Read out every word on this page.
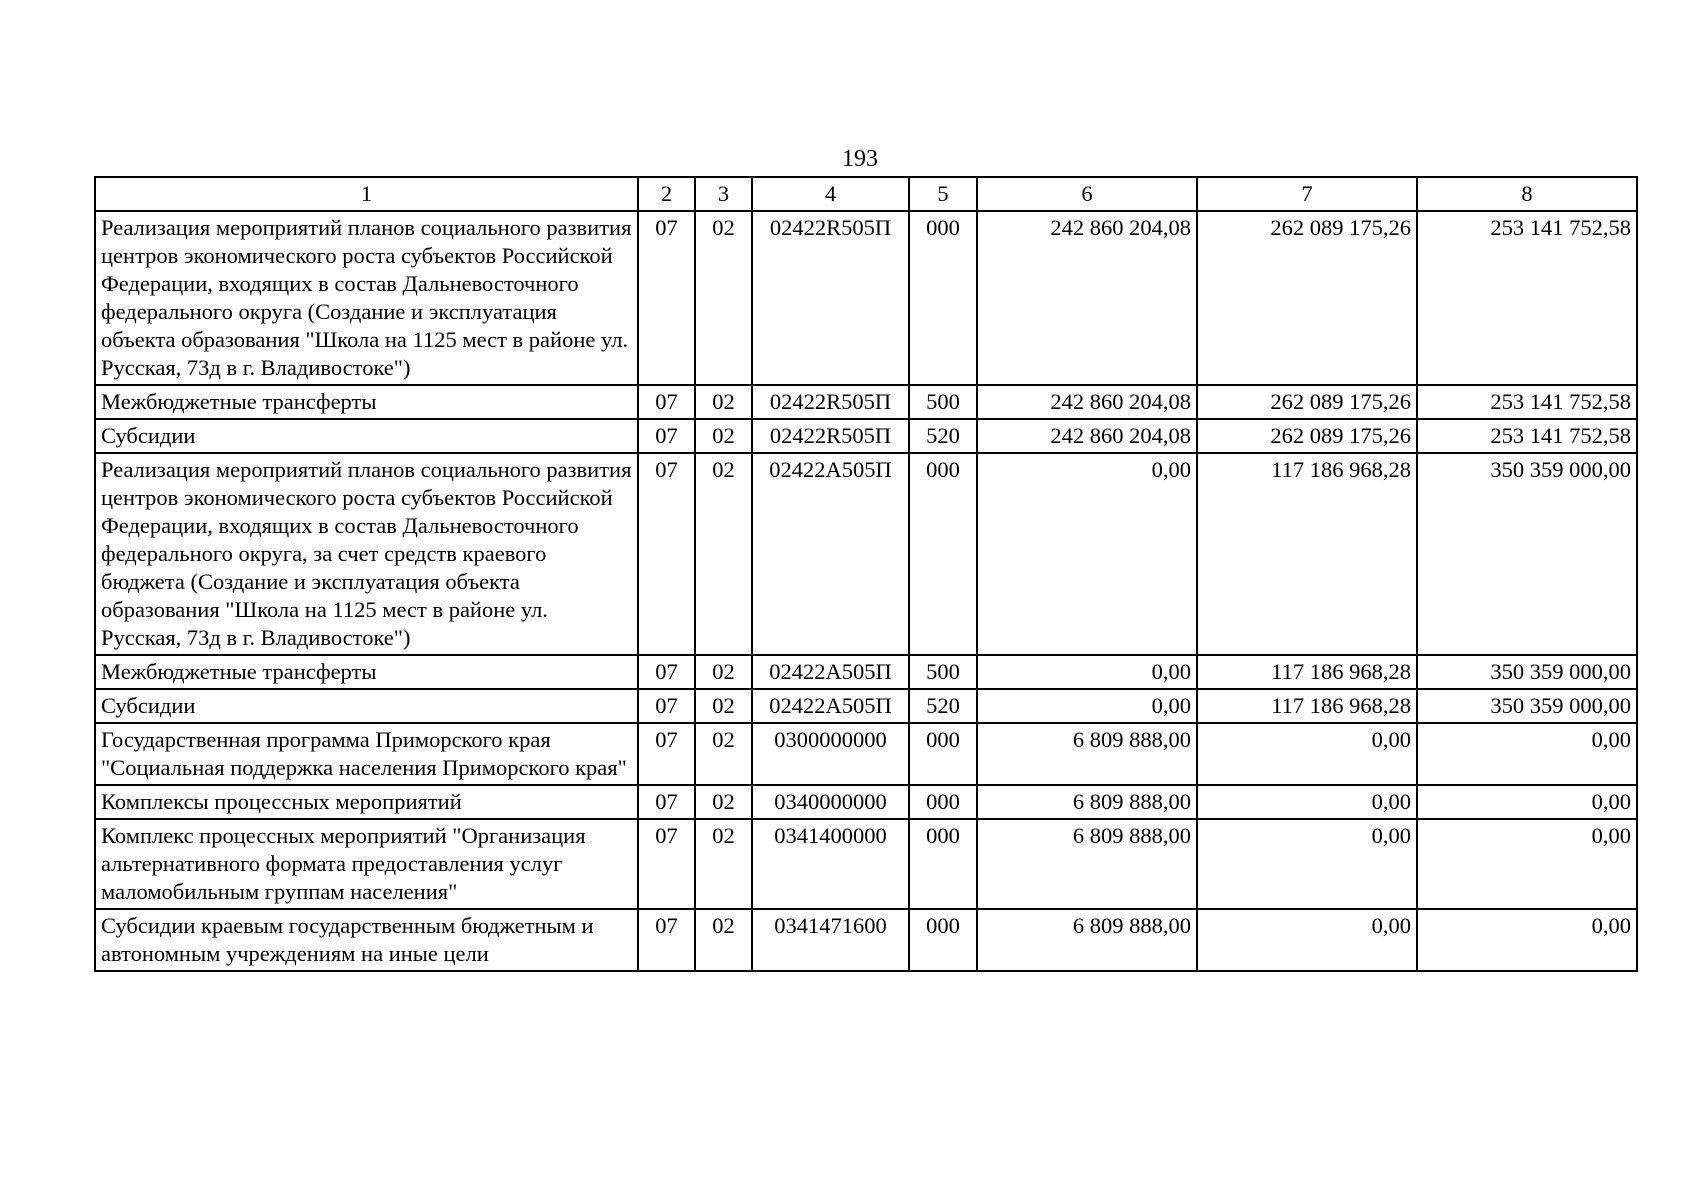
193
1	2	3	4	5	6	7	8
Реализация мероприятий планов социального развития центров экономического роста субъектов Российской Федерации, входящих в состав Дальневосточного федерального округа (Создание и эксплуатация объекта образования "Школа на 1125 мест в районе ул. Русская, 73д в г. Владивостоке")	07	02	02422R505П	000	242 860 204,08	262 089 175,26	253 141 752,58
Межбюджетные трансферты	07	02	02422R505П	500	242 860 204,08	262 089 175,26	253 141 752,58
Субсидии	07	02	02422R505П	520	242 860 204,08	262 089 175,26	253 141 752,58
Реализация мероприятий планов социального развития центров экономического роста субъектов Российской Федерации, входящих в состав Дальневосточного федерального округа, за счет средств краевого бюджета (Создание и эксплуатация объекта образования "Школа на 1125 мест в районе ул. Русская, 73д в г. Владивостоке")	07	02	02422А505П	000	0,00	117 186 968,28	350 359 000,00
Межбюджетные трансферты	07	02	02422А505П	500	0,00	117 186 968,28	350 359 000,00
Субсидии	07	02	02422А505П	520	0,00	117 186 968,28	350 359 000,00
Государственная программа Приморского края "Социальная поддержка населения Приморского края"	07	02	0300000000	000	6 809 888,00	0,00	0,00
Комплексы процессных мероприятий	07	02	0340000000	000	6 809 888,00	0,00	0,00
Комплекс процессных мероприятий "Организация альтернативного формата предоставления услуг маломобильным группам населения"	07	02	0341400000	000	6 809 888,00	0,00	0,00
Субсидии краевым государственным бюджетным и автономным учреждениям на иные цели	07	02	0341471600	000	6 809 888,00	0,00	0,00
